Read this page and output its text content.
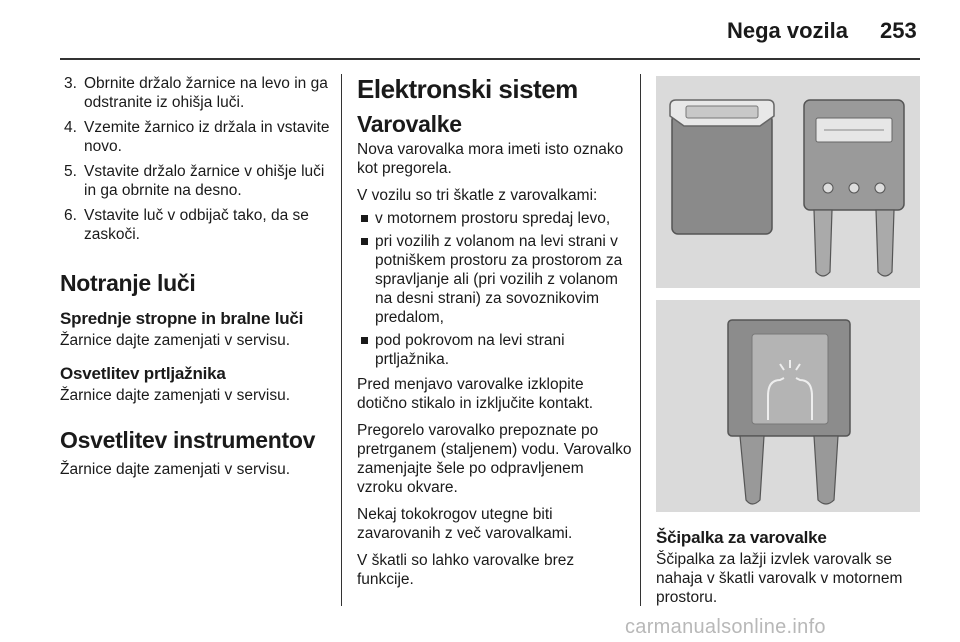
Nega vozila 253
3. Obrnite držalo žarnice na levo in ga odstranite iz ohišja luči.
4. Vzemite žarnico iz držala in vstavite novo.
5. Vstavite držalo žarnice v ohišje luči in ga obrnite na desno.
6. Vstavite luč v odbijač tako, da se zaskoči.
Notranje luči
Sprednje stropne in bralne luči

Žarnice dajte zamenjati v servisu.

Osvetlitev prtljažnika

Žarnice dajte zamenjati v servisu.

Osvetlitev instrumentov

Žarnice dajte zamenjati v servisu.

Elektronski sistem
Varovalke

Nova varovalka mora imeti isto oznako kot pregorela.

V vozilu so tri škatle z varovalkami:

v motornem prostoru spredaj levo,
pri vozilih z volanom na levi strani v potniškem prostoru za prostorom za spravljanje ali (pri vozilih z volanom na desni strani) za sovoznikovim predalom,
pod pokrovom na levi strani prtljažnika.

Pred menjavo varovalke izklopite dotično stikalo in izključite kontakt.

Pregorelo varovalko prepoznate po pretrganem (staljenem) vodu. Varovalko zamenjajte šele po odpravljenem vzroku okvare.

Nekaj tokokrogov utegne biti zavarovanih z več varovalkami.

V škatli so lahko varovalke brez funkcije.

Ščipalka za varovalke

Ščipalka za lažji izvlek varovalk se nahaja v škatli varovalk v motornem prostoru.

carmanualsonline.info
